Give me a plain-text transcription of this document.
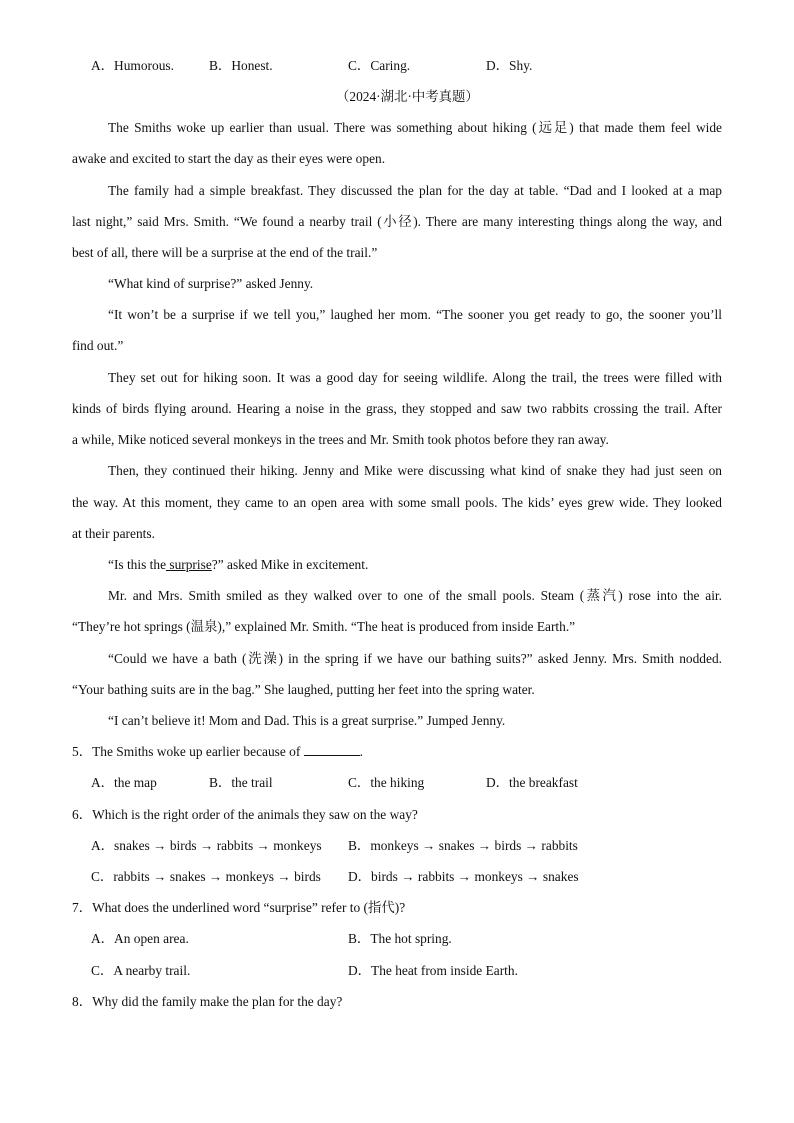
A．Humorous.	B．Honest.	C．Caring.	D．Shy.
（2024·湖北·中考真题）
The Smiths woke up earlier than usual. There was something about hiking (远足) that made them feel wide
awake and excited to start the day as their eyes were open.
The family had a simple breakfast. They discussed the plan for the day at table. “Dad and I looked at a map
last night,” said Mrs. Smith. “We found a nearby trail (小径). There are many interesting things along the way, and
best of all, there will be a surprise at the end of the trail.”
“What kind of surprise?” asked Jenny.
“It won’t be a surprise if we tell you,” laughed her mom. “The sooner you get ready to go, the sooner you’ll
find out.”
They set out for hiking soon. It was a good day for seeing wildlife. Along the trail, the trees were filled with
kinds of birds flying around. Hearing a noise in the grass, they stopped and saw two rabbits crossing the trail. After
a while, Mike noticed several monkeys in the trees and Mr. Smith took photos before they ran away.
Then, they continued their hiking. Jenny and Mike were discussing what kind of snake they had just seen on
the way. At this moment, they came to an open area with some small pools. The kids’ eyes grew wide. They looked
at their parents.
“Is this the surprise?” asked Mike in excitement.
Mr. and Mrs. Smith smiled as they walked over to one of the small pools. Steam (蒸汽) rose into the air.
“They’re hot springs (温泉),” explained Mr. Smith. “The heat is produced from inside Earth.”
“Could we have a bath (洗澡) in the spring if we have our bathing suits?” asked Jenny. Mrs. Smith nodded.
“Your bathing suits are in the bag.” She laughed, putting her feet into the spring water.
“I can’t believe it! Mom and Dad. This is a great surprise.” Jumped Jenny.
5．The Smiths woke up earlier because of	.
A．the map	B．the trail	C．the hiking	D．the breakfast
6．Which is the right order of the animals they saw on the way?
A．snakes → birds → rabbits → monkeys B．monkeys → snakes → birds → rabbits
C．rabbits → snakes → monkeys → birds D．birds → rabbits → monkeys → snakes
7．What does the underlined word “surprise” refer to (指代)?
A．An open area.	B．The hot spring.
C．A nearby trail.	D．The heat from inside Earth.
8．Why did the family make the plan for the day?
